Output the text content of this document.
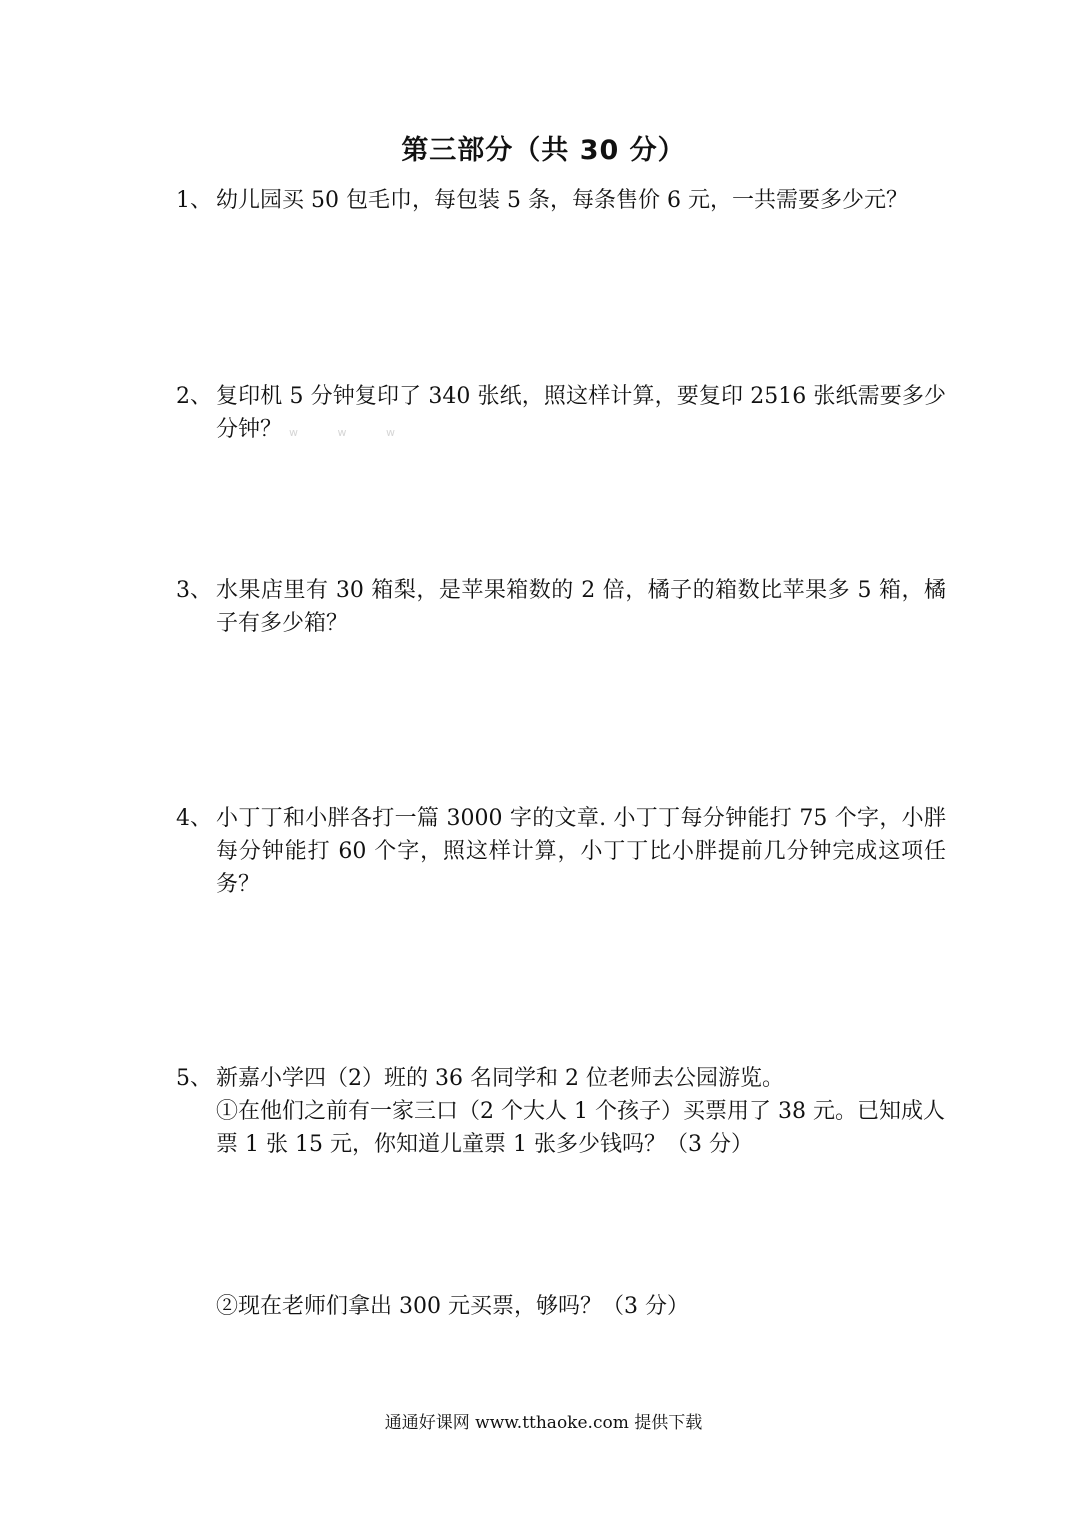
第三部分（共 30 分）
1、 幼儿园买 50 包毛巾，每包装 5 条，每条售价 6 元，一共需要多少元？
2、 复印机 5 分钟复印了 340 张纸，照这样计算，要复印 2516 张纸需要多少分钟？ w w w
3、 水果店里有 30 箱梨，是苹果箱数的 2 倍，橘子的箱数比苹果多 5 箱，橘子有多少箱？
4、 小丁丁和小胖各打一篇 3000 字的文章. 小丁丁每分钟能打 75 个字，小胖每分钟能打 60 个字，照这样计算，小丁丁比小胖提前几分钟完成这项任务？
5、 新嘉小学四（2）班的 36 名同学和 2 位老师去公园游览。
①在他们之前有一家三口（2 个大人 1 个孩子）买票用了 38 元。已知成人票 1 张 15 元，你知道儿童票 1 张多少钱吗？（3 分）
②现在老师们拿出 300 元买票，够吗？（3 分）
通通好课网 www.tthaoke.com 提供下载
